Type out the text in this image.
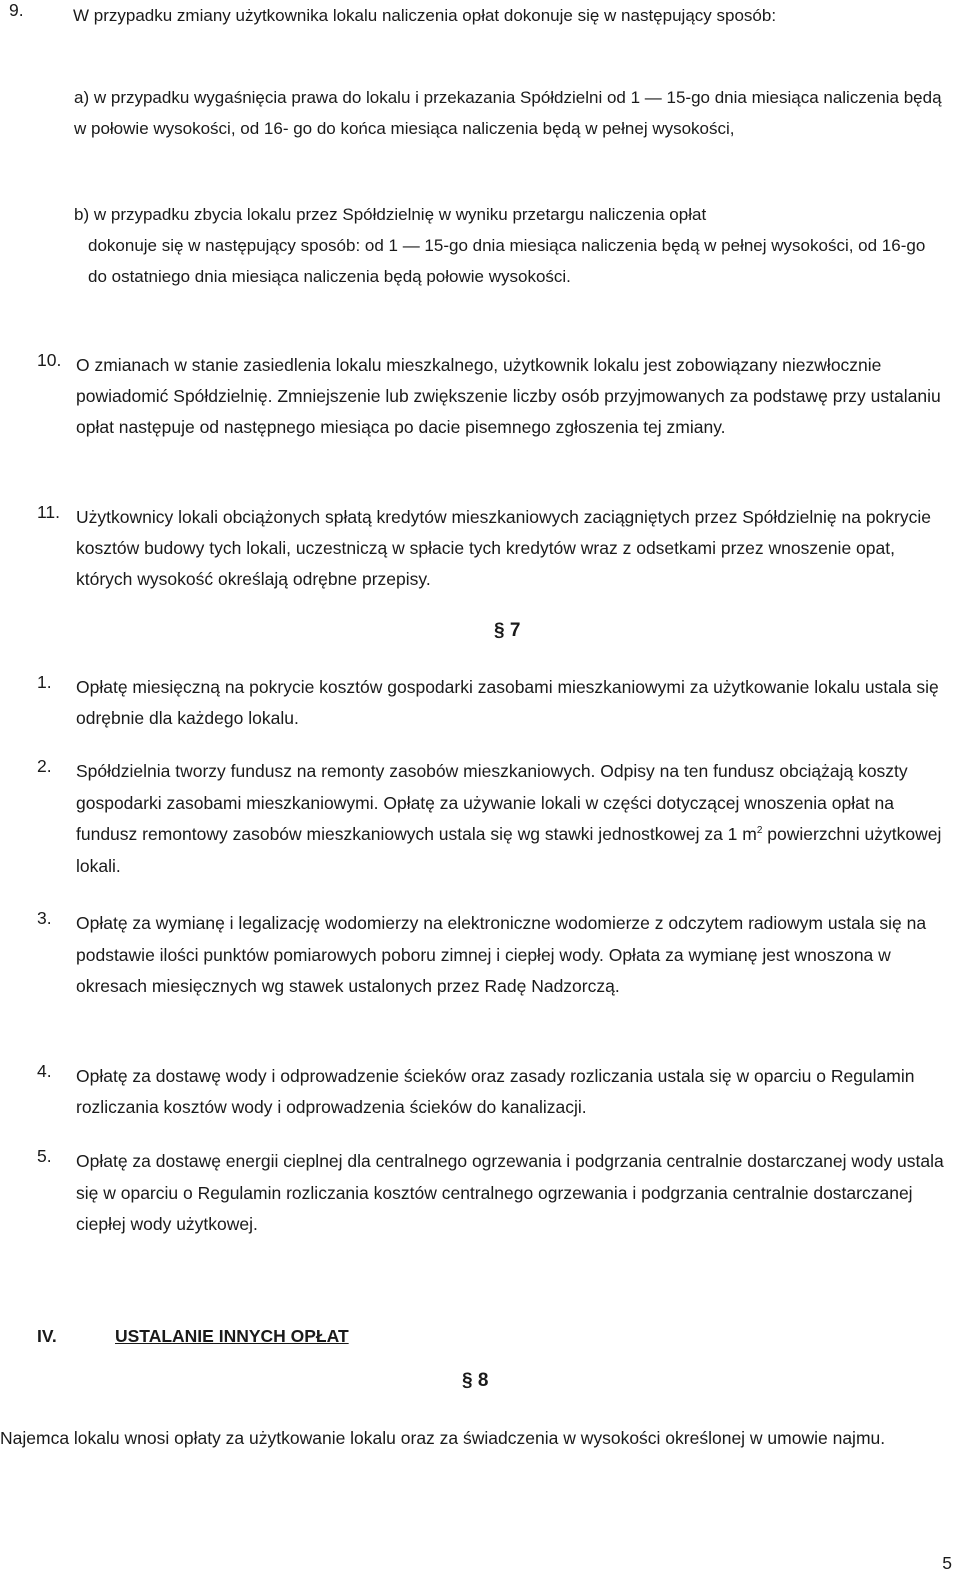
9.	W przypadku zmiany użytkownika lokalu naliczenia opłat dokonuje się w następujący sposób:
a) w przypadku wygaśnięcia prawa do lokalu i przekazania Spółdzielni od 1 — 15-go dnia miesiąca naliczenia będą w połowie wysokości, od 16- go do końca miesiąca naliczenia będą w pełnej wysokości,
b) w przypadku zbycia lokalu przez Spółdzielnię w wyniku przetargu naliczenia opłat
dokonuje się w następujący sposób: od 1 — 15-go dnia miesiąca naliczenia będą w pełnej wysokości, od 16-go do ostatniego dnia miesiąca naliczenia będą połowie wysokości.
10. O zmianach w stanie zasiedlenia lokalu mieszkalnego, użytkownik lokalu jest zobowiązany niezwłocznie powiadomić Spółdzielnię. Zmniejszenie lub zwiększenie liczby osób przyjmowanych za podstawę przy ustalaniu opłat następuje od następnego miesiąca po dacie pisemnego zgłoszenia tej zmiany.
11. Użytkownicy lokali obciążonych spłatą kredytów mieszkaniowych zaciągniętych przez Spółdzielnię na pokrycie kosztów budowy tych lokali, uczestniczą w spłacie tych kredytów wraz z odsetkami przez wnoszenie opat, których wysokość określają odrębne przepisy.
§ 7
1. Opłatę miesięczną na pokrycie kosztów gospodarki zasobami mieszkaniowymi za użytkowanie lokalu ustala się odrębnie dla każdego lokalu.
2. Spółdzielnia tworzy fundusz na remonty zasobów mieszkaniowych. Odpisy na ten fundusz obciążają koszty gospodarki zasobami mieszkaniowymi. Opłatę za używanie lokali w części dotyczącej wnoszenia opłat na fundusz remontowy zasobów mieszkaniowych ustala się wg stawki jednostkowej za 1 $m^2$ powierzchni użytkowej lokali.
3. Opłatę za wymianę i legalizację wodomierzy na elektroniczne wodomierze z odczytem radiowym ustala się na podstawie ilości punktów pomiarowych poboru zimnej i ciepłej wody. Opłata za wymianę jest wnoszona w okresach miesięcznych wg stawek ustalonych przez Radę Nadzorczą.
4. Opłatę za dostawę wody i odprowadzenie ścieków oraz zasady rozliczania ustala się w oparciu o Regulamin rozliczania kosztów wody i odprowadzenia ścieków do kanalizacji.
5. Opłatę za dostawę energii cieplnej dla centralnego ogrzewania i podgrzania centralnie dostarczanej wody ustala się w oparciu o Regulamin rozliczania kosztów centralnego ogrzewania i podgrzania centralnie dostarczanej ciepłej wody użytkowej.
IV.	USTALANIE INNYCH OPŁAT
§ 8
Najemca lokalu wnosi opłaty za użytkowanie lokalu oraz za świadczenia w wysokości określonej w umowie najmu.
5
